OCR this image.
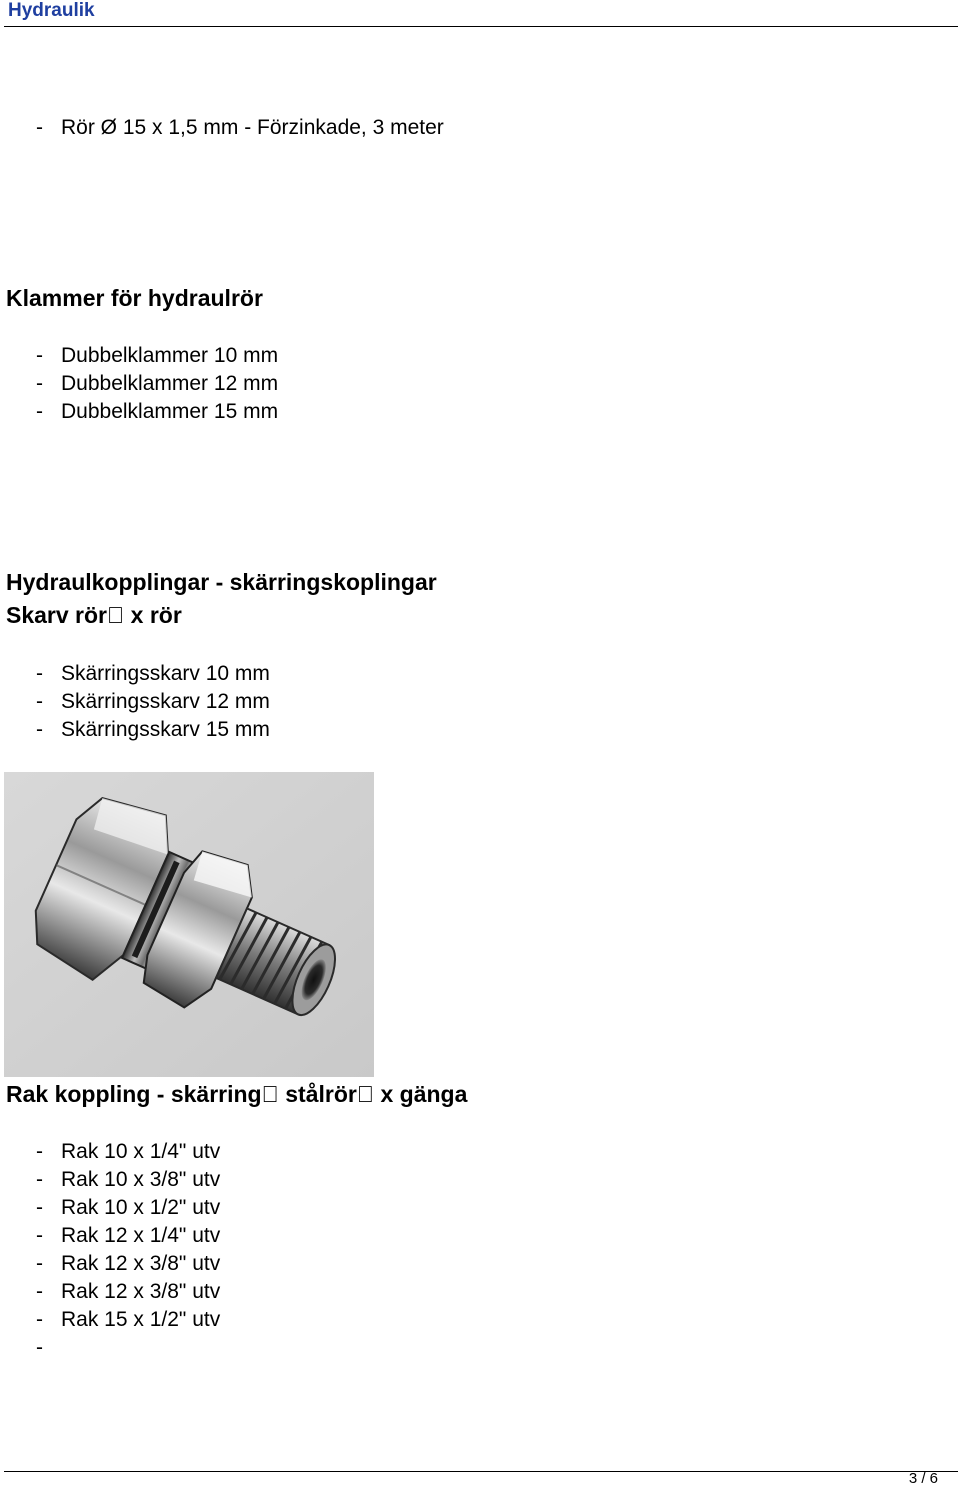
Hydraulik
- Rör Ø 15 x 1,5 mm - Förzinkade, 3 meter
Klammer för hydraulrör
- Dubbelklammer 10 mm
- Dubbelklammer 12 mm
- Dubbelklammer 15 mm
Hydraulkopplingar - skärringskoplingar
Skarv rör  x rör
- Skärringsskarv 10 mm
- Skärringsskarv 12 mm
- Skärringsskarv 15 mm
Rak koppling - skärring  stålrör  x gänga
- Rak 10 x 1/4" utv
- Rak 10 x 3/8" utv
- Rak 10 x 1/2" utv
- Rak 12 x 1/4" utv
- Rak 12 x 3/8" utv
- Rak 12 x 3/8" utv
- Rak 15 x 1/2" utv
-
3 / 6
